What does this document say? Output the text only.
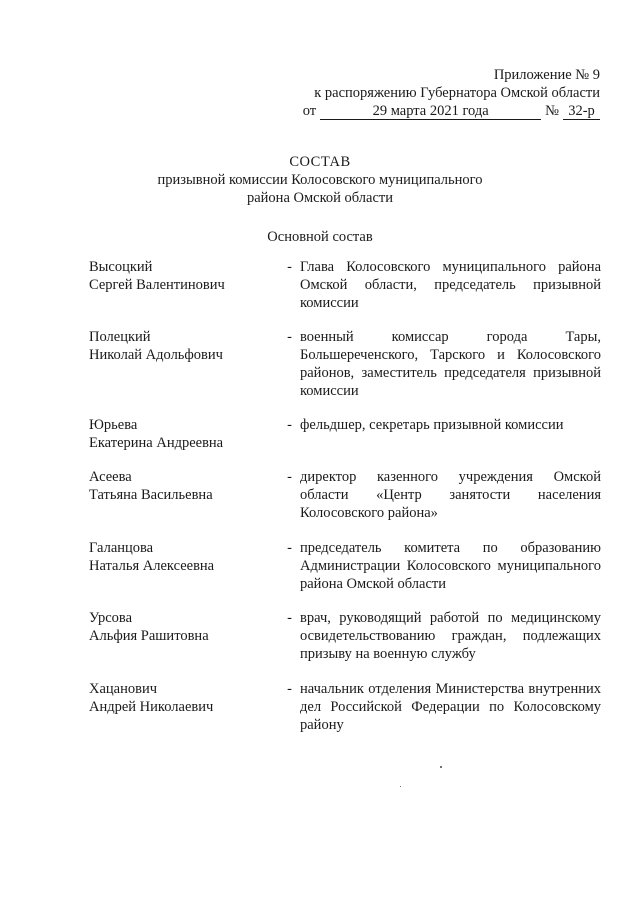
Приложение № 9
к распоряжению Губернатора Омской области
от	29 марта 2021 года	№ 32-р
СОСТАВ
призывной комиссии Колосовского муниципального
района Омской области
Основной состав
Высоцкий
Сергей Валентинович
- Глава Колосовского муниципального района Омской области, председатель призывной комиссии
Полецкий
Николай Адольфович
- военный комиссар города Тары, Большереченского, Тарского и Колосовского районов, заместитель председателя призывной комиссии
Юрьева
Екатерина Андреевна
- фельдшер, секретарь призывной комиссии
Асеева
Татьяна Васильевна
- директор казенного учреждения Омской области «Центр занятости населения Колосовского района»
Галанцова
Наталья Алексеевна
- председатель комитета по образованию Администрации Колосовского муниципального района Омской области
Урсова
Альфия Рашитовна
- врач, руководящий работой по медицинскому освидетельствованию граждан, подлежащих призыву на военную службу
Хацанович
Андрей Николаевич
- начальник отделения Министерства внутренних дел Российской Федерации по Колосовскому району
